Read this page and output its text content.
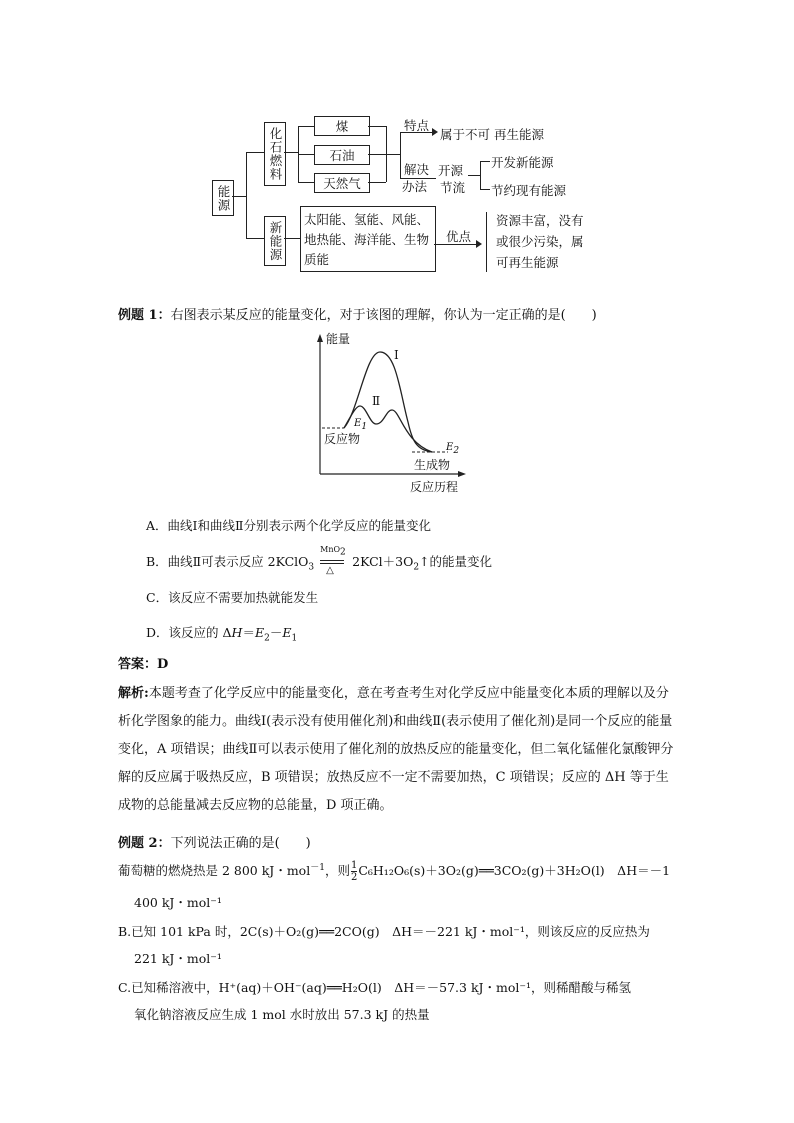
能源
化石燃料
煤
石油
天然气
特点
属于不可 再生能源
解决
办法
开源
节流
开发新能源
节约现有能源
新能源
太阳能、氢能、风能、
地热能、海洋能、生物
质能
优点
资源丰富，没有
或很少污染，属
可再生能源
例题 1：右图表示某反应的能量变化，对于该图的理解，你认为一定正确的是(　　)
能量
Ⅰ
Ⅱ
$E_1$
反应物
$E_2$
生成物
反应历程
A．曲线Ⅰ和曲线Ⅱ分别表示两个化学反应的能量变化
B．曲线Ⅱ可表示反应 2KClO$_3$
MnO$_2$
△
$2KCl+3O_2↑$的能量变化
C．该反应不需要加热就能发生
D．该反应的 $\Delta H=E_2-E_1$
答案：D
解析:本题考查了化学反应中的能量变化，意在考查考生对化学反应中能量变化本质的理解以及分析化学图象的能力。曲线Ⅰ(表示没有使用催化剂)和曲线Ⅱ(表示使用了催化剂)是同一个反应的能量变化，A 项错误；曲线Ⅱ可以表示使用了催化剂的放热反应的能量变化，但二氧化锰催化氯酸钾分解的反应属于吸热反应，B 项错误；放热反应不一定不需要加热，C 项错误；反应的 ΔH 等于生成物的总能量减去反应物的总能量，D 项正确。
例题 2：下列说法正确的是(　　)
葡萄糖的燃烧热是 2 800 kJ・mol$^{-1}$，则 $\frac{1}{2}$ C₆H₁₂O₆(s)＋3O₂(g)══3CO₂(g)＋3H₂O(l)　ΔH＝－1
400 kJ・mol⁻¹
B.已知 101 kPa 时，2C(s)＋O₂(g)══2CO(g)　ΔH＝－221 kJ・mol⁻¹，则该反应的反应热为
221 kJ・mol⁻¹
C.已知稀溶液中，H⁺(aq)＋OH⁻(aq)══H₂O(l)　ΔH＝－57.3 kJ・mol⁻¹，则稀醋酸与稀氢
氧化钠溶液反应生成 1 mol 水时放出 57.3 kJ 的热量
